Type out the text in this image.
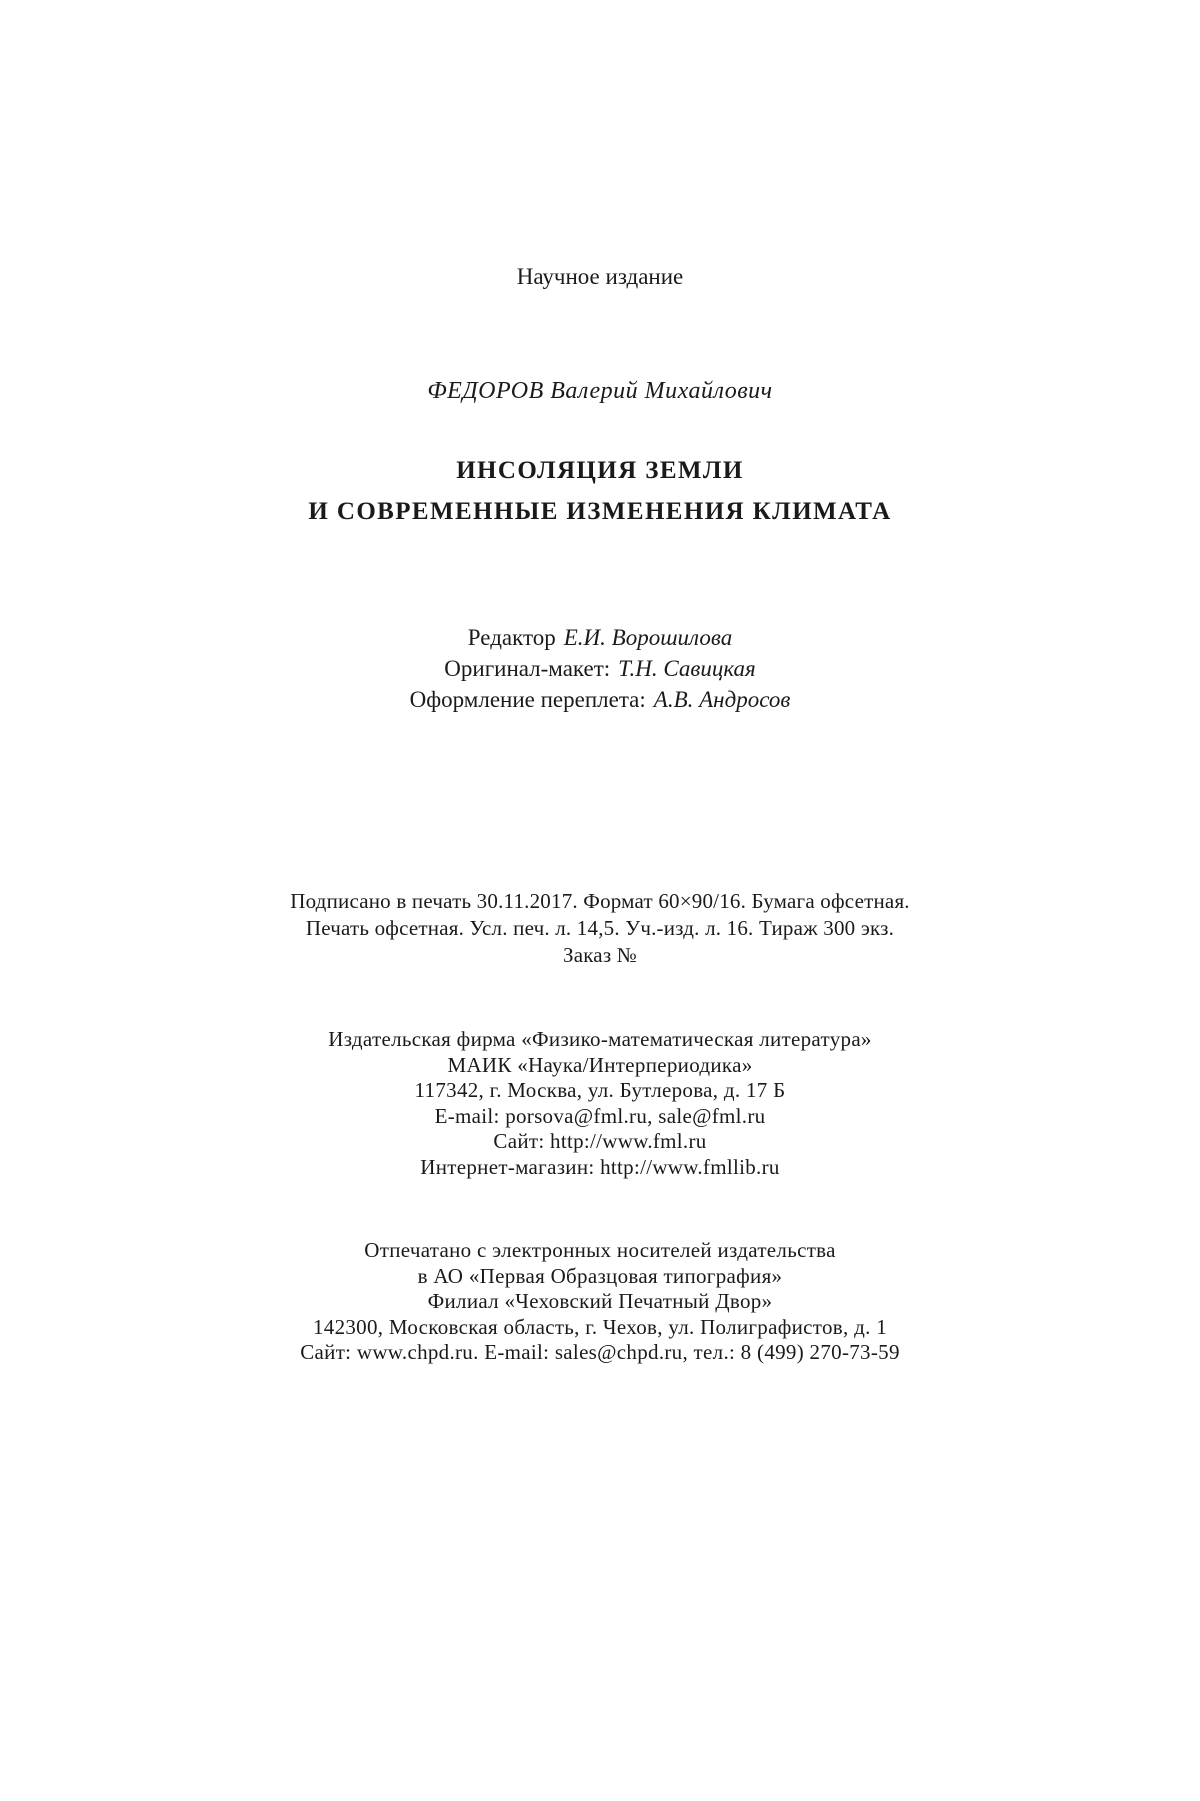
Научное издание
ФЕДОРОВ Валерий Михайлович
ИНСОЛЯЦИЯ ЗЕМЛИ
И СОВРЕМЕННЫЕ ИЗМЕНЕНИЯ КЛИМАТА
Редактор Е.И. Ворошилова
Оригинал-макет: Т.Н. Савицкая
Оформление переплета: А.В. Андросов
Подписано в печать 30.11.2017. Формат 60×90/16. Бумага офсетная.
Печать офсетная. Усл. печ. л. 14,5. Уч.-изд. л. 16. Тираж 300 экз.
Заказ №
Издательская фирма «Физико-математическая литература»
МАИК «Наука/Интерпериодика»
117342, г. Москва, ул. Бутлерова, д. 17 Б
E-mail: porsova@fml.ru, sale@fml.ru
Сайт: http://www.fml.ru
Интернет-магазин: http://www.fmllib.ru
Отпечатано с электронных носителей издательства
в АО «Первая Образцовая типография»
Филиал «Чеховский Печатный Двор»
142300, Московская область, г. Чехов, ул. Полиграфистов, д. 1
Сайт: www.chpd.ru. E-mail: sales@chpd.ru, тел.: 8 (499) 270-73-59
